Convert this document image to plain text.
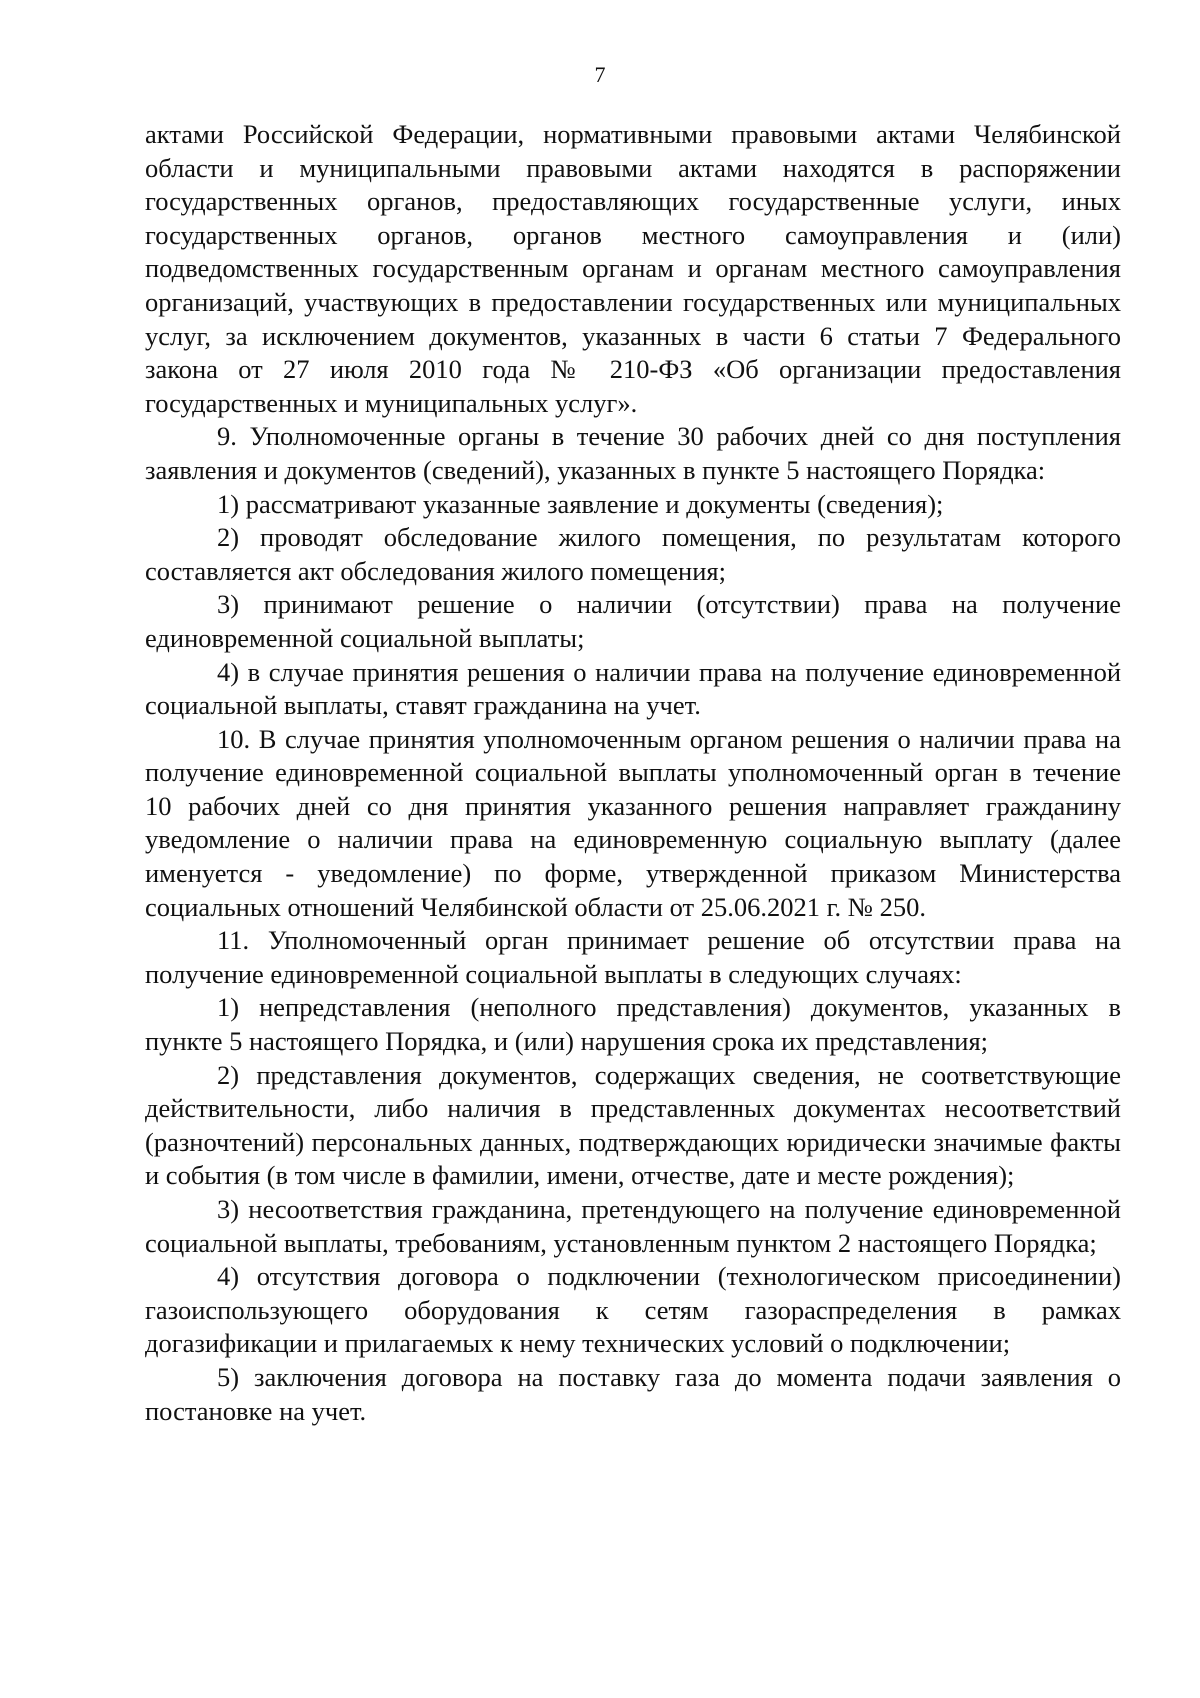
7

актами Российской Федерации, нормативными правовыми актами Челябинской области и муниципальными правовыми актами находятся в распоряжении государственных органов, предоставляющих государственные услуги, иных государственных органов, органов местного самоуправления и (или) подведомственных государственным органам и органам местного самоуправления организаций, участвующих в предоставлении государственных или муниципальных услуг, за исключением документов, указанных в части 6 статьи 7 Федерального закона от 27 июля 2010 года № 210-ФЗ «Об организации предоставления государственных и муниципальных услуг».

9. Уполномоченные органы в течение 30 рабочих дней со дня поступления заявления и документов (сведений), указанных в пункте 5 настоящего Порядка:

1) рассматривают указанные заявление и документы (сведения);

2) проводят обследование жилого помещения, по результатам которого составляется акт обследования жилого помещения;

3) принимают решение о наличии (отсутствии) права на получение единовременной социальной выплаты;

4) в случае принятия решения о наличии права на получение единовременной социальной выплаты, ставят гражданина на учет.

10. В случае принятия уполномоченным органом решения о наличии права на получение единовременной социальной выплаты уполномоченный орган в течение 10 рабочих дней со дня принятия указанного решения направляет гражданину уведомление о наличии права на единовременную социальную выплату (далее именуется - уведомление) по форме, утвержденной приказом Министерства социальных отношений Челябинской области от 25.06.2021 г. № 250.

11. Уполномоченный орган принимает решение об отсутствии права на получение единовременной социальной выплаты в следующих случаях:

1) непредставления (неполного представления) документов, указанных в пункте 5 настоящего Порядка, и (или) нарушения срока их представления;

2) представления документов, содержащих сведения, не соответствующие действительности, либо наличия в представленных документах несоответствий (разночтений) персональных данных, подтверждающих юридически значимые факты и события (в том числе в фамилии, имени, отчестве, дате и месте рождения);

3) несоответствия гражданина, претендующего на получение единовременной социальной выплаты, требованиям, установленным пунктом 2 настоящего Порядка;

4) отсутствия договора о подключении (технологическом присоединении) газоиспользующего оборудования к сетям газораспределения в рамках догазификации и прилагаемых к нему технических условий о подключении;

5) заключения договора на поставку газа до момента подачи заявления о постановке на учет.
